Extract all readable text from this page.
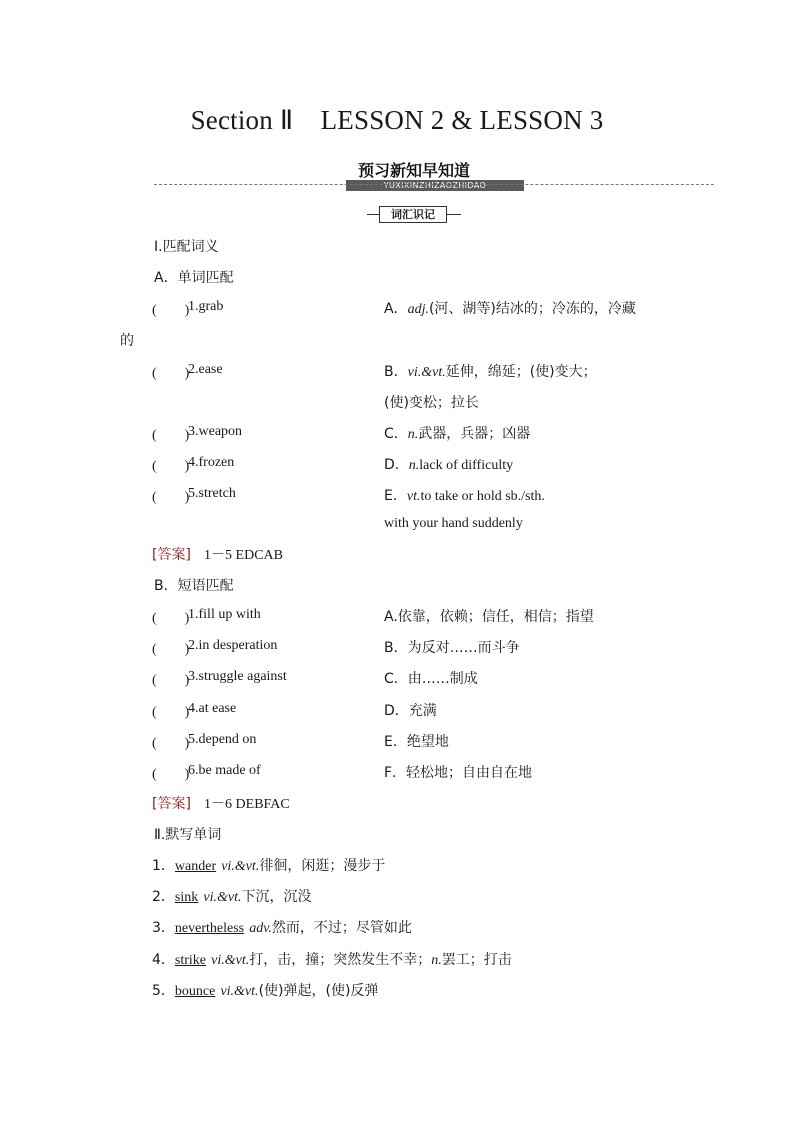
Section Ⅱ　LESSON 2 & LESSON 3
预习新知早知道
YUXIXINZHIZAOZHIDAO
词汇识记
Ⅰ.匹配词义
A．单词匹配
(　　)
1.grab	A．adj.(河、湖等)结冰的；冷冻的，冷藏
的
(　　)
2.ease	B．vi.&vt.延伸，绵延；(使)变大；
(使)变松；拉长
(　　)
3.weapon	C．n.武器，兵器；凶器
(　　)
4.frozen	D．n.lack of difficulty
(　　)
5.stretch	E．vt.to take or hold sb./sth.
with your hand suddenly
[答案] 1－5 EDCAB
B．短语匹配
(　　)
1.fill up with	A.依靠，依赖；信任，相信；指望
(　　)
2.in desperation	B．为反对……而斗争
(　　)
3.struggle against	C．由……制成
(　　)
4.at ease	D．充满
(　　)
5.depend on	E．绝望地
(　　)
6.be made of	F．轻松地；自由自在地
[答案] 1－6 DEBFAC
Ⅱ.默写单词
1．wander vi.&vt.徘徊，闲逛；漫步于
2．sink vi.&vt.下沉，沉没
3．nevertheless adv.然而，不过；尽管如此
4．strike vi.&vt.打，击，撞；突然发生不幸；n.罢工；打击
5．bounce vi.&vt.(使)弹起，(使)反弹
